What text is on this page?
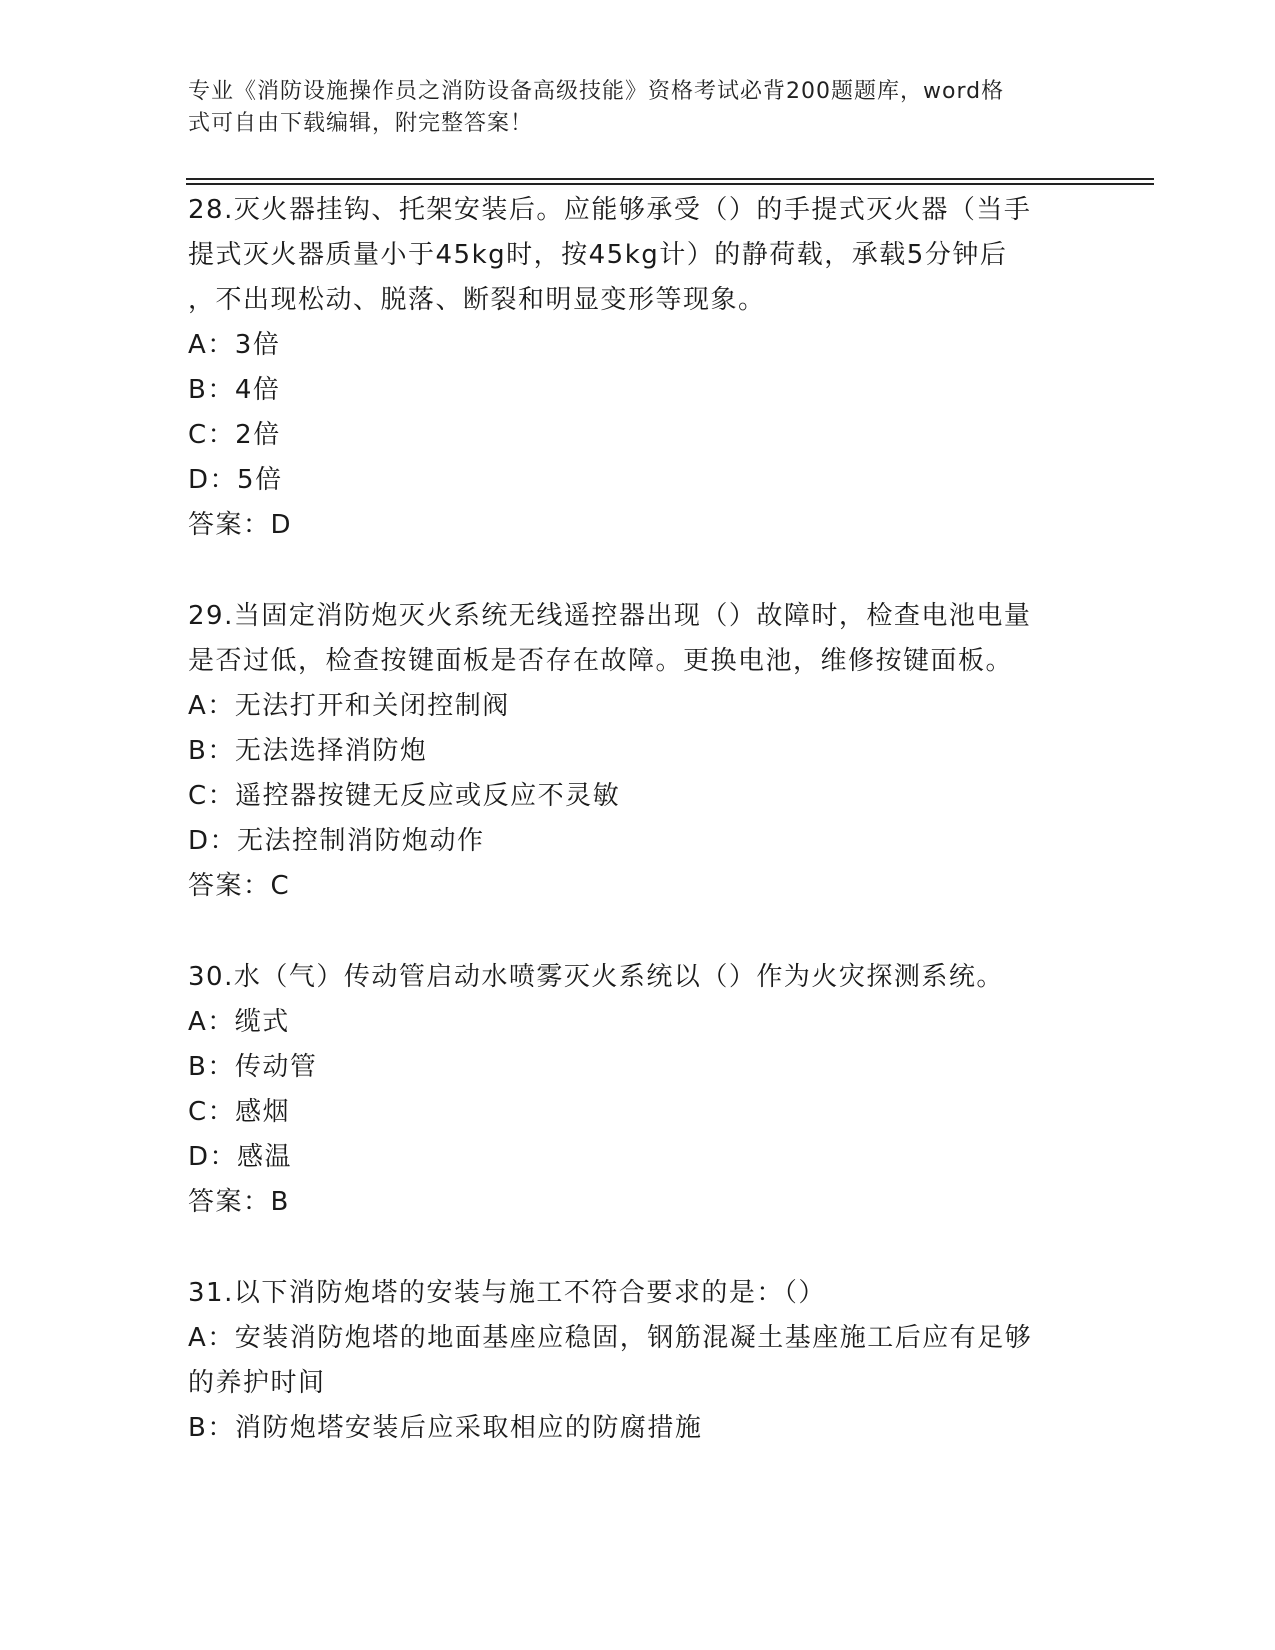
专业《消防设施操作员之消防设备高级技能》资格考试必背200题题库，word格
式可自由下载编辑，附完整答案！
28.灭火器挂钩、托架安装后。应能够承受（）的手提式灭火器（当手
提式灭火器质量小于45kg时，按45kg计）的静荷载，承载5分钟后
，不出现松动、脱落、断裂和明显变形等现象。
A：3倍
B：4倍
C：2倍
D：5倍
答案：D
29.当固定消防炮灭火系统无线遥控器出现（）故障时，检查电池电量
是否过低，检查按键面板是否存在故障。更换电池，维修按键面板。
A：无法打开和关闭控制阀
B：无法选择消防炮
C：遥控器按键无反应或反应不灵敏
D：无法控制消防炮动作
答案：C
30.水（气）传动管启动水喷雾灭火系统以（）作为火灾探测系统。
A：缆式
B：传动管
C：感烟
D：感温
答案：B
31.以下消防炮塔的安装与施工不符合要求的是：（）
A：安装消防炮塔的地面基座应稳固，钢筋混凝土基座施工后应有足够
的养护时间
B：消防炮塔安装后应采取相应的防腐措施
